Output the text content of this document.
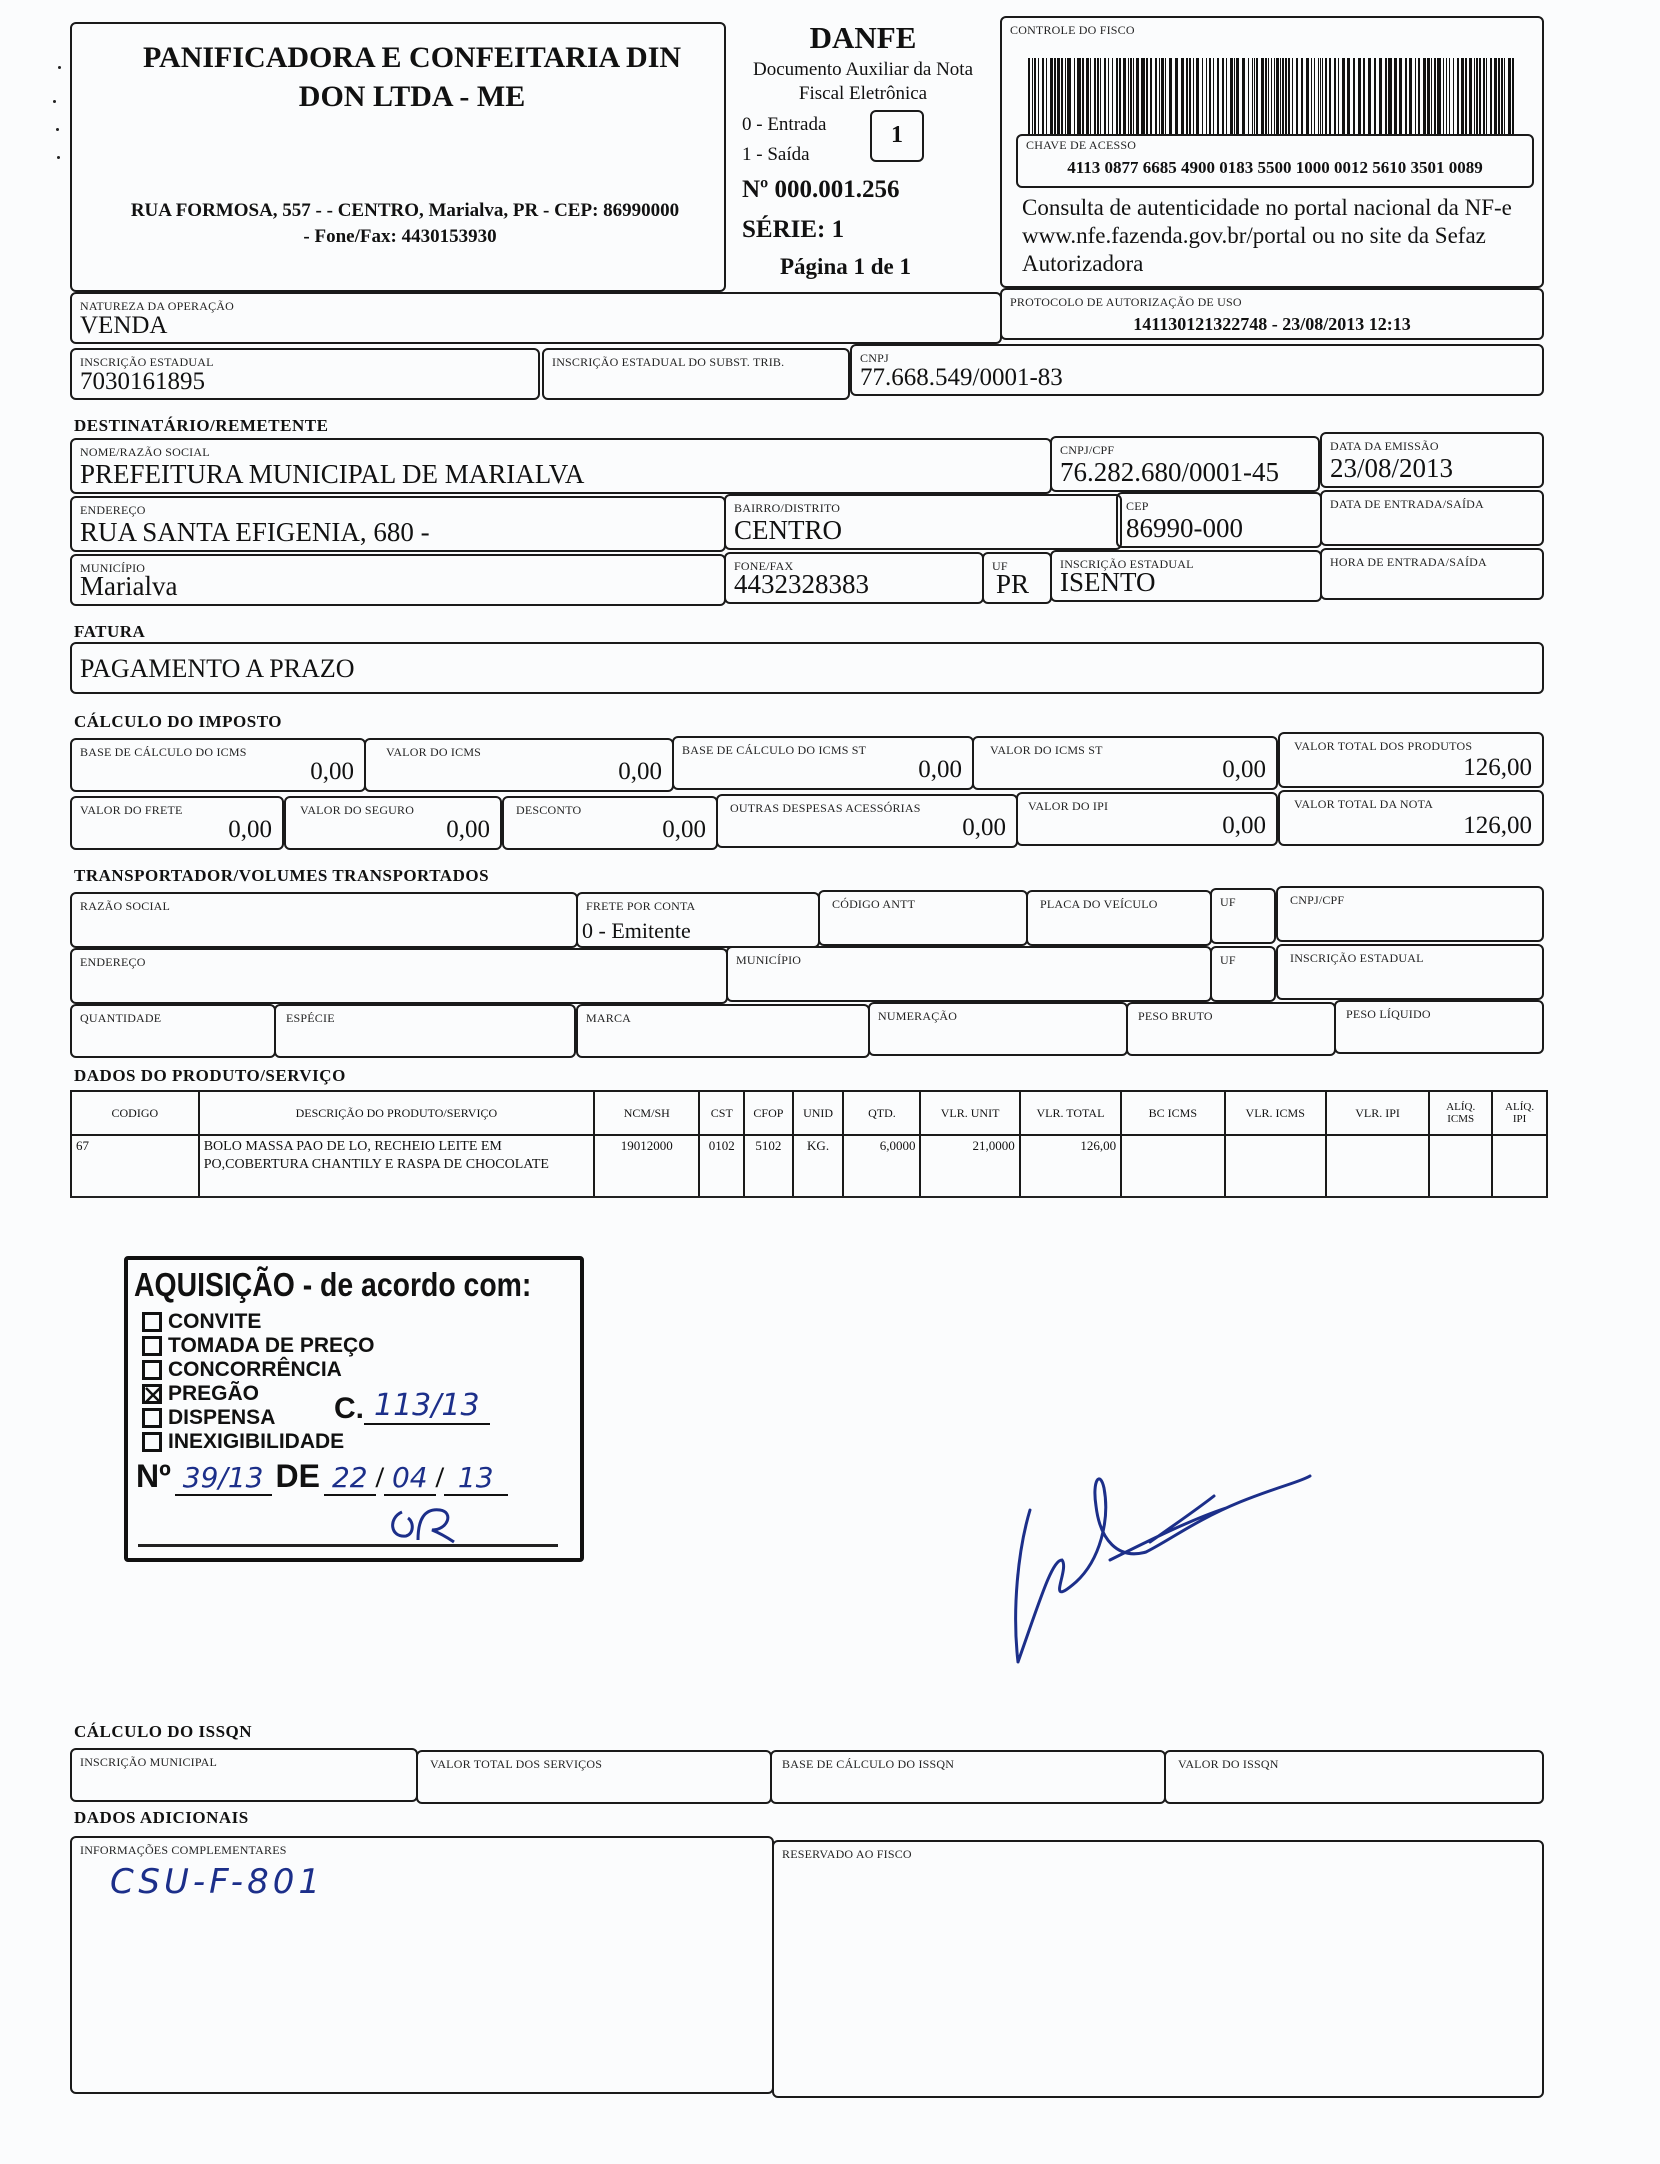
PANIFICADORA E CONFEITARIA DIN DON LTDA - ME
RUA FORMOSA, 557 - - CENTRO, Marialva, PR - CEP: 86990000
- Fone/Fax: 4430153930
DANFE
Documento Auxiliar da Nota Fiscal Eletrônica
0 - Entrada
1 - Saída
1
Nº 000.001.256
SÉRIE: 1
Página 1 de 1
CONTROLE DO FISCO
CHAVE DE ACESSO
4113 0877 6685 4900 0183 5500 1000 0012 5610 3501 0089
Consulta de autenticidade no portal nacional da NF-e www.nfe.fazenda.gov.br/portal ou no site da Sefaz Autorizadora
NATUREZA DA OPERAÇÃO
VENDA
PROTOCOLO DE AUTORIZAÇÃO DE USO
141130121322748 - 23/08/2013 12:13
INSCRIÇÃO ESTADUAL
7030161895
INSCRIÇÃO ESTADUAL DO SUBST. TRIB.	CNPJ
77.668.549/0001-83
DESTINATÁRIO/REMETENTE
NOME/RAZÃO SOCIAL
PREFEITURA MUNICIPAL DE MARIALVA
CNPJ/CPF
76.282.680/0001-45
DATA DA EMISSÃO
23/08/2013
ENDEREÇO
RUA SANTA EFIGENIA, 680 -
BAIRRO/DISTRITO
CENTRO
CEP
86990-000
DATA DE ENTRADA/SAÍDA
MUNICÍPIO
Marialva
FONE/FAX
4432328383
UF
PR
INSCRIÇÃO ESTADUAL
ISENTO
HORA DE ENTRADA/SAÍDA
FATURA
PAGAMENTO A PRAZO
CÁLCULO DO IMPOSTO
BASE DE CÁLCULO DO ICMS
0,00
VALOR DO ICMS
0,00
BASE DE CÁLCULO DO ICMS ST
0,00
VALOR DO ICMS ST
0,00
VALOR TOTAL DOS PRODUTOS
126,00
VALOR DO FRETE
0,00
VALOR DO SEGURO
0,00
DESCONTO
0,00
OUTRAS DESPESAS ACESSÓRIAS
0,00
VALOR DO IPI
0,00
VALOR TOTAL DA NOTA
126,00
TRANSPORTADOR/VOLUMES TRANSPORTADOS
RAZÃO SOCIAL	FRETE POR CONTA
0 - Emitente
CÓDIGO ANTT	PLACA DO VEÍCULO	UF	CNPJ/CPF
ENDEREÇO	MUNICÍPIO	UF	INSCRIÇÃO ESTADUAL
QUANTIDADE	ESPÉCIE	MARCA	NUMERAÇÃO	PESO BRUTO	PESO LÍQUIDO
DADOS DO PRODUTO/SERVIÇO
CODIGO	DESCRIÇÃO DO PRODUTO/SERVIÇO	NCM/SH	CST	CFOP	UNID	QTD.	VLR. UNIT	VLR. TOTAL	BC ICMS	VLR. ICMS	VLR. IPI	ALÍQ. ICMS	ALÍQ. IPI
67	BOLO MASSA PAO DE LO, RECHEIO LEITE EM PO,COBERTURA CHANTILY E RASPA DE CHOCOLATE	19012000	0102	5102	KG.	6,0000	21,0000	126,00					
AQUISIÇÃO - de acordo com:
CONVITE
TOMADA DE PREÇO
CONCORRÊNCIA
PREGÃO
DISPENSA
INEXIGIBILIDADE
C. 113/13
Nº 39/13 DE 22 / 04 / 13
CÁLCULO DO ISSQN
INSCRIÇÃO MUNICIPAL	VALOR TOTAL DOS SERVIÇOS	BASE DE CÁLCULO DO ISSQN	VALOR DO ISSQN
DADOS ADICIONAIS
INFORMAÇÕES COMPLEMENTARES
CSU-F-801
RESERVADO AO FISCO
